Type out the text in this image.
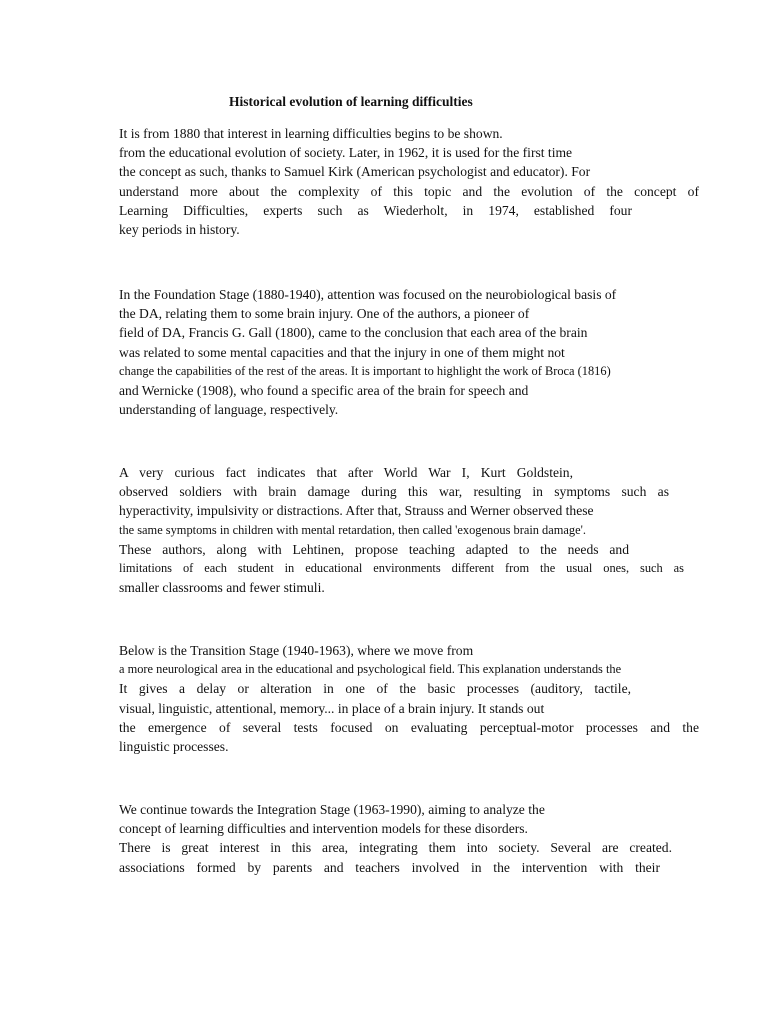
Historical evolution of learning difficulties
It is from 1880 that interest in learning difficulties begins to be shown.
from the educational evolution of society. Later, in 1962, it is used for the first time
the concept as such, thanks to Samuel Kirk (American psychologist and educator). For
understand more about the complexity of this topic and the evolution of the concept of
Learning Difficulties, experts such as Wiederholt, in 1974, established four
key periods in history.
In the Foundation Stage (1880-1940), attention was focused on the neurobiological basis of
the DA, relating them to some brain injury. One of the authors, a pioneer of
field of DA, Francis G. Gall (1800), came to the conclusion that each area of the brain
was related to some mental capacities and that the injury in one of them might not
change the capabilities of the rest of the areas. It is important to highlight the work of Broca (1816)
and Wernicke (1908), who found a specific area of the brain for speech and
understanding of language, respectively.
A very curious fact indicates that after World War I, Kurt Goldstein,
observed soldiers with brain damage during this war, resulting in symptoms such as
hyperactivity, impulsivity or distractions. After that, Strauss and Werner observed these
the same symptoms in children with mental retardation, then called 'exogenous brain damage'.
These authors, along with Lehtinen, propose teaching adapted to the needs and
limitations of each student in educational environments different from the usual ones, such as
smaller classrooms and fewer stimuli.
Below is the Transition Stage (1940-1963), where we move from
a more neurological area in the educational and psychological field. This explanation understands the
It gives a delay or alteration in one of the basic processes (auditory, tactile,
visual, linguistic, attentional, memory... in place of a brain injury. It stands out
the emergence of several tests focused on evaluating perceptual-motor processes and the
linguistic processes.
We continue towards the Integration Stage (1963-1990), aiming to analyze the
concept of learning difficulties and intervention models for these disorders.
There is great interest in this area, integrating them into society. Several are created.
associations formed by parents and teachers involved in the intervention with their
